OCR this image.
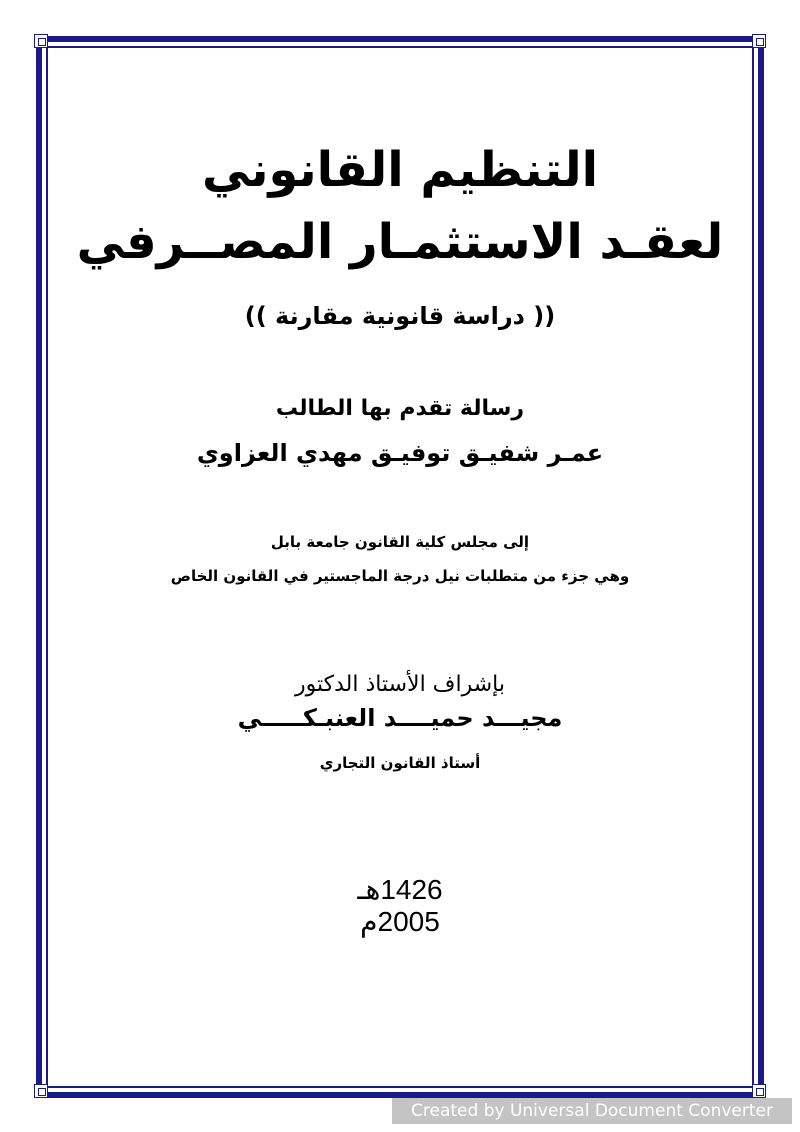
التنظيم القانوني
لعقـد الاستثمـار المصــرفي
(( دراسة قانونية مقارنة ))
رسالة تقدم بها الطالب
عمـر شفيـق توفيـق مهدي العزاوي
إلى مجلس كلية القانون جامعة بابل
وهي جزء من متطلبات نيل درجة الماجستير في القانون الخاص
بإشراف الأستاذ الدكتور
مجيـــد حميــــد العنبـكـــــي
أستاذ القانون التجاري
1426هـ
2005م
Created by Universal Document Converter
